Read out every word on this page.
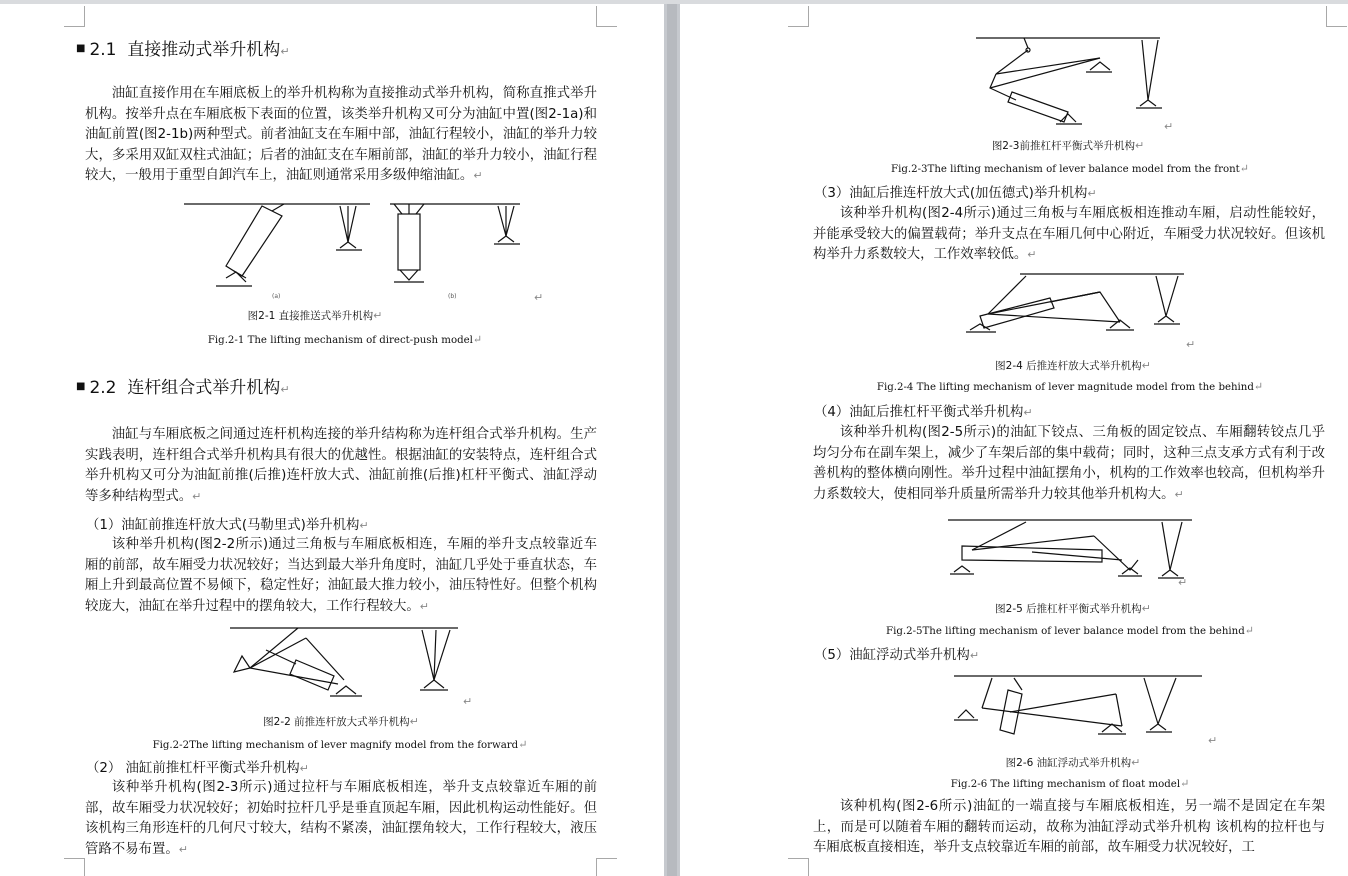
■ 2.1 直接推动式举升机构↵
油缸直接作用在车厢底板上的举升机构称为直接推动式举升机构，简称直推式举升机构。按举升点在车厢底板下表面的位置，该类举升机构又可分为油缸中置(图2-1a)和油缸前置(图2-1b)两种型式。前者油缸支在车厢中部，油缸行程较小，油缸的举升力较大，多采用双缸双柱式油缸；后者的油缸支在车厢前部，油缸的举升力较小，油缸行程较大，一般用于重型自卸汽车上，油缸则通常采用多级伸缩油缸。↵
(a)	(b)	↵
图2-1 直接推送式举升机构↵
Fig.2-1 The lifting mechanism of direct-push model↵
■ 2.2 连杆组合式举升机构↵
油缸与车厢底板之间通过连杆机构连接的举升结构称为连杆组合式举升机构。生产实践表明，连杆组合式举升机构具有很大的优越性。根据油缸的安装特点，连杆组合式举升机构又可分为油缸前推(后推)连杆放大式、油缸前推(后推)杠杆平衡式、油缸浮动等多种结构型式。↵
（1）油缸前推连杆放大式(马勒里式)举升机构↵
该种举升机构(图2-2所示)通过三角板与车厢底板相连，车厢的举升支点较靠近车厢的前部，故车厢受力状况较好；当达到最大举升角度时，油缸几乎处于垂直状态，车厢上升到最高位置不易倾下，稳定性好；油缸最大推力较小，油压特性好。但整个机构较庞大，油缸在举升过程中的摆角较大，工作行程较大。↵
↵
图2-2 前推连杆放大式举升机构↵
Fig.2-2The lifting mechanism of lever magnify model from the forward↵
（2） 油缸前推杠杆平衡式举升机构↵
该种举升机构(图2-3所示)通过拉杆与车厢底板相连，举升支点较靠近车厢的前部，故车厢受力状况较好；初始时拉杆几乎是垂直顶起车厢，因此机构运动性能好。但该机构三角形连杆的几何尺寸较大，结构不紧凑，油缸摆角较大，工作行程较大，液压管路不易布置。↵
↵
图2-3前推杠杆平衡式举升机构↵
Fig.2-3The lifting mechanism of lever balance model from the front↵
（3）油缸后推连杆放大式(加伍德式)举升机构↵
该种举升机构(图2-4所示)通过三角板与车厢底板相连推动车厢，启动性能较好，并能承受较大的偏置载荷；举升支点在车厢几何中心附近，车厢受力状况较好。但该机构举升力系数较大，工作效率较低。↵
↵
图2-4 后推连杆放大式举升机构↵
Fig.2-4 The lifting mechanism of lever magnitude model from the behind↵
（4）油缸后推杠杆平衡式举升机构↵
该种举升机构(图2-5所示)的油缸下铰点、三角板的固定铰点、车厢翻转铰点几乎均匀分布在副车架上，减少了车架后部的集中载荷；同时，这种三点支承方式有利于改善机构的整体横向刚性。举升过程中油缸摆角小，机构的工作效率也较高，但机构举升力系数较大，使相同举升质量所需举升力较其他举升机构大。↵
↵
图2-5 后推杠杆平衡式举升机构↵
Fig.2-5The lifting mechanism of lever balance model from the behind↵
（5）油缸浮动式举升机构↵
↵
图2-6 油缸浮动式举升机构↵
Fig.2-6 The lifting mechanism of float model↵
该种机构(图2-6所示)油缸的一端直接与车厢底板相连，另一端不是固定在车架上，而是可以随着车厢的翻转而运动，故称为油缸浮动式举升机构 该机构的拉杆也与车厢底板直接相连，举升支点较靠近车厢的前部，故车厢受力状况较好，工
